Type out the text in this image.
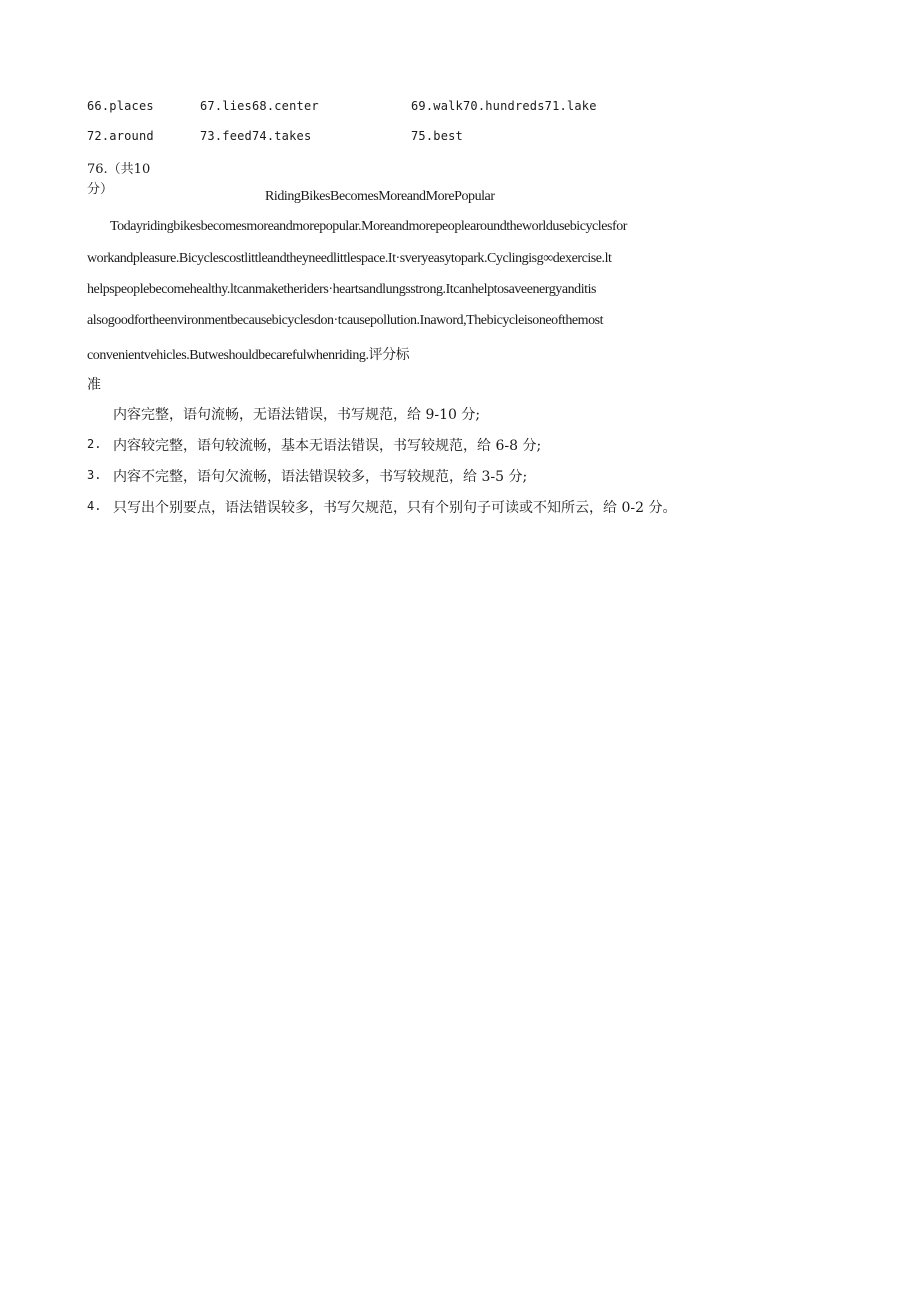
66.places	67.lies68.center	69.walk70.hundreds71.lake
72.around	73.feed74.takes	75.best
76.（共10
分）	RidingBikesBecomesMoreandMorePopular
Todayridingbikesbecomesmoreandmorepopular.Moreandmorepeoplearoundtheworldusebicyclesfor
workandpleasure.Bicyclescostlittleandtheyneedlittlespace.It·sveryeasytopark.Cyclingisg∞dexercise.lt
helpspeoplebecomehealthy.ltcanmaketheriders·heartsandlungsstrong.Itcanhelptosaveenergyanditis
alsogoodfortheenvironmentbecausebicyclesdon·tcausepollution.Inaword,Thebicycleisoneofthemost
convenientvehicles.Butweshouldbecarefulwhenriding.评分标
准
内容完整，语句流畅，无语法错误，书写规范，给 9-10 分;
2. 内容较完整，语句较流畅，基本无语法错误，书写较规范，给 6-8 分;
3. 内容不完整，语句欠流畅，语法错误较多，书写较规范，给 3-5 分;
4. 只写出个别要点，语法错误较多，书写欠规范，只有个别句子可读或不知所云，给 0-2 分。
